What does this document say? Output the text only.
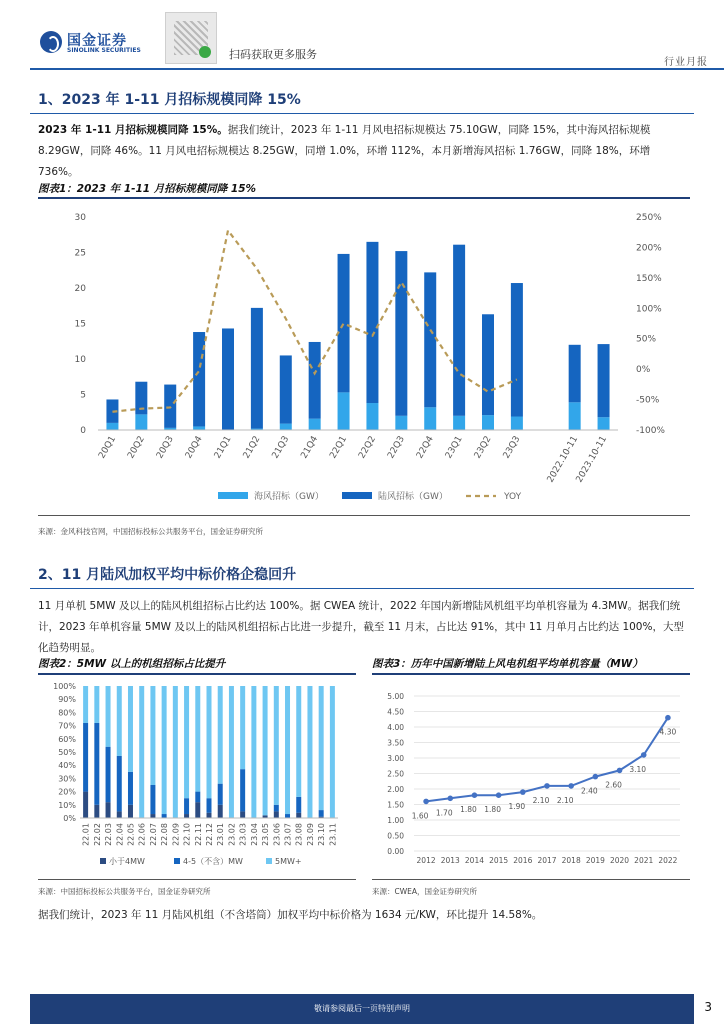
国金证券
SINOLINK SECURITIES	扫码获取更多服务
行业月报
1、2023 年 1-11 月招标规模同降 15%
2023 年 1-11 月招标规模同降 15%。据我们统计，2023 年 1-11 月风电招标规模达 75.10GW，同降 15%，其中海风招标规模 8.29GW，同降 46%。11 月风电招标规模达 8.25GW，同增 1.0%，环增 112%，本月新增海风招标 1.76GW，同降 18%，环增 736%。
图表1：2023 年 1-11 月招标规模同降 15%
0
5
10
15
20
25
30
-100%
-50%
0%
50%
100%
150%
200%
250%
20Q1 20Q2 20Q3 20Q4 21Q1 21Q2 21Q3 21Q4 22Q1 22Q2 22Q3 22Q4 23Q1 23Q2 23Q3	2022.10-11
2023.10-11
海风招标（GW）	陆风招标（GW）	YOY
来源：金风科技官网，中国招标投标公共服务平台，国金证券研究所
2、11 月陆风加权平均中标价格企稳回升
11 月单机 5MW 及以上的陆风机组招标占比约达 100%。据 CWEA 统计，2022 年国内新增陆风机组平均单机容量为 4.3MW。据我们统计，2023 年单机容量 5MW 及以上的陆风机组招标占比进一步提升，截至 11 月末，占比达 91%，其中 11 月单月占比约达 100%，大型化趋势明显。
图表2：5MW 以上的机组招标占比提升	图表3：历年中国新增陆上风电机组平均单机容量（MW）
0%
10%
20%
30%
40%
50%
60%
70%
80%
90%
100%
22.01 22.02 22.03 22.04 22.05 22.06 22.07 22.08 22.09 22.10 22.11 22.12 23.01 23.02 23.03 23.04 23.05 23.06 23.07 23.08 23.09 23.10 23.11
小于4MW	4-5（不含）MW	5MW+
1.60 1.70 1.80 1.80 1.90
2.10 2.10
2.40
2.60
3.10
4.30
0.00
0.50
1.00
1.50
2.00
2.50
3.00
3.50
4.00
4.50
5.00
2012 2013 2014 2015 2016 2017 2018 2019 2020 2021 2022
来源：中国招标投标公共服务平台，国金证券研究所	来源：CWEA，国金证券研究所
据我们统计，2023 年 11 月陆风机组（不含塔筒）加权平均中标价格为 1634 元/KW，环比提升 14.58%。
敬请参阅最后一页特别声明	3
